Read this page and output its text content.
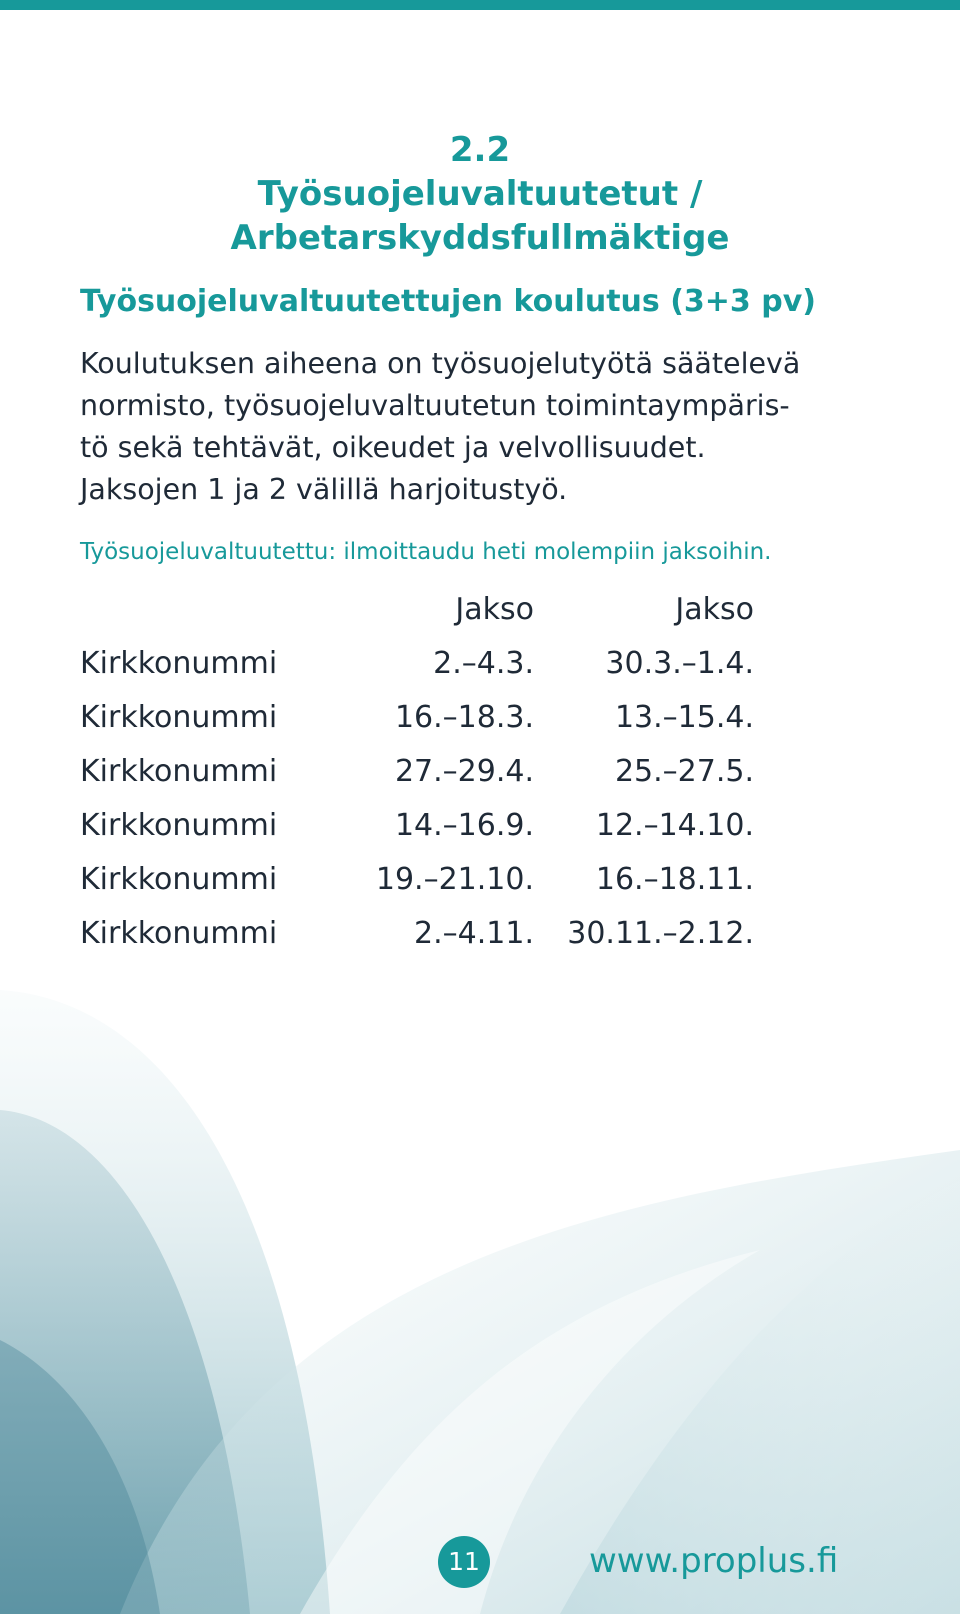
2.2
Työsuojeluvaltuutetut /
Arbetarskyddsfullmäktige
Työsuojeluvaltuutettujen koulutus (3+3 pv)
Koulutuksen aiheena on työsuojelutyötä säätelevä
normisto, työsuojeluvaltuutetun toimintaympäris-
tö sekä tehtävät, oikeudet ja velvollisuudet.
Jaksojen 1 ja 2 välillä harjoitustyö.
Työsuojeluvaltuutettu: ilmoittaudu heti molempiin jaksoihin.
Jakso	Jakso
Kirkkonummi	2.–4.3. 30.3.–1.4.
Kirkkonummi	16.–18.3.	13.–15.4.
Kirkkonummi	27.–29.4.	25.–27.5.
Kirkkonummi	14.–16.9. 12.–14.10.
Kirkkonummi	19.–21.10. 16.–18.11.
Kirkkonummi	2.–4.11. 30.11.–2.12.
11	www.proplus.fi
